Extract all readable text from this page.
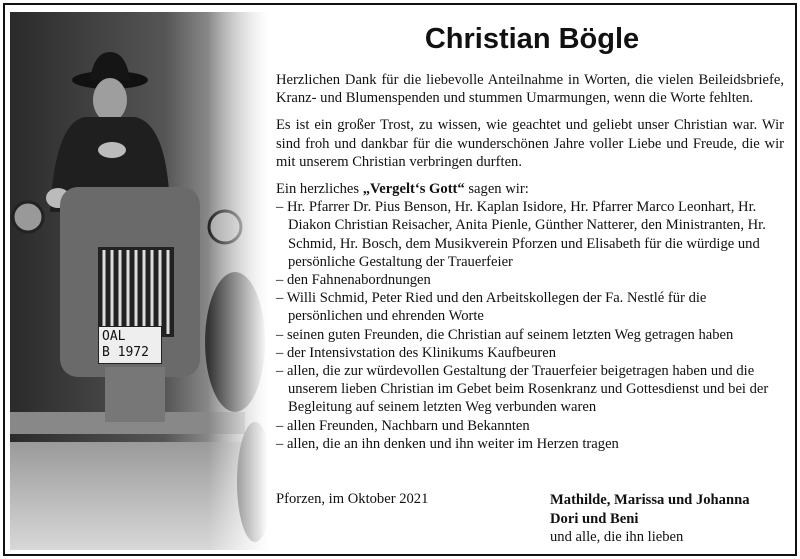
OAL
B 1972
Christian Bögle

Herzlichen Dank für die liebevolle Anteilnahme in Worten, die vielen Beileidsbriefe, Kranz- und Blumenspenden und stummen Umarmungen, wenn die Worte fehlten.

Es ist ein großer Trost, zu wissen, wie geachtet und geliebt unser Christian war. Wir sind froh und dankbar für die wunderschönen Jahre voller Liebe und Freude, die wir mit unserem Christian verbringen durften.

Ein herzliches „Vergelt‘s Gott“ sagen wir:
– Hr. Pfarrer Dr. Pius Benson, Hr. Kaplan Isidore, Hr. Pfarrer Marco Leonhart, Hr. Diakon Christian Reisacher, Anita Pienle, Günther Natterer, den Ministranten, Hr. Schmid, Hr. Bosch, dem Musikverein Pforzen und Elisabeth für die würdige und persönliche Gestaltung der Trauerfeier
– den Fahnenabordnungen
– Willi Schmid, Peter Ried und den Arbeitskollegen der Fa. Nestlé für die persönlichen und ehrenden Worte
– seinen guten Freunden, die Christian auf seinem letzten Weg getragen haben
– der Intensivstation des Klinikums Kaufbeuren
– allen, die zur würdevollen Gestaltung der Trauerfeier beigetragen haben und die unserem lieben Christian im Gebet beim Rosenkranz und Gottesdienst und bei der Begleitung auf seinem letzten Weg verbunden waren
– allen Freunden, Nachbarn und Bekannten
– allen, die an ihn denken und ihn weiter im Herzen tragen
Pforzen, im Oktober 2021	Mathilde, Marissa und Johanna
Dori und Beni
und alle, die ihn lieben
